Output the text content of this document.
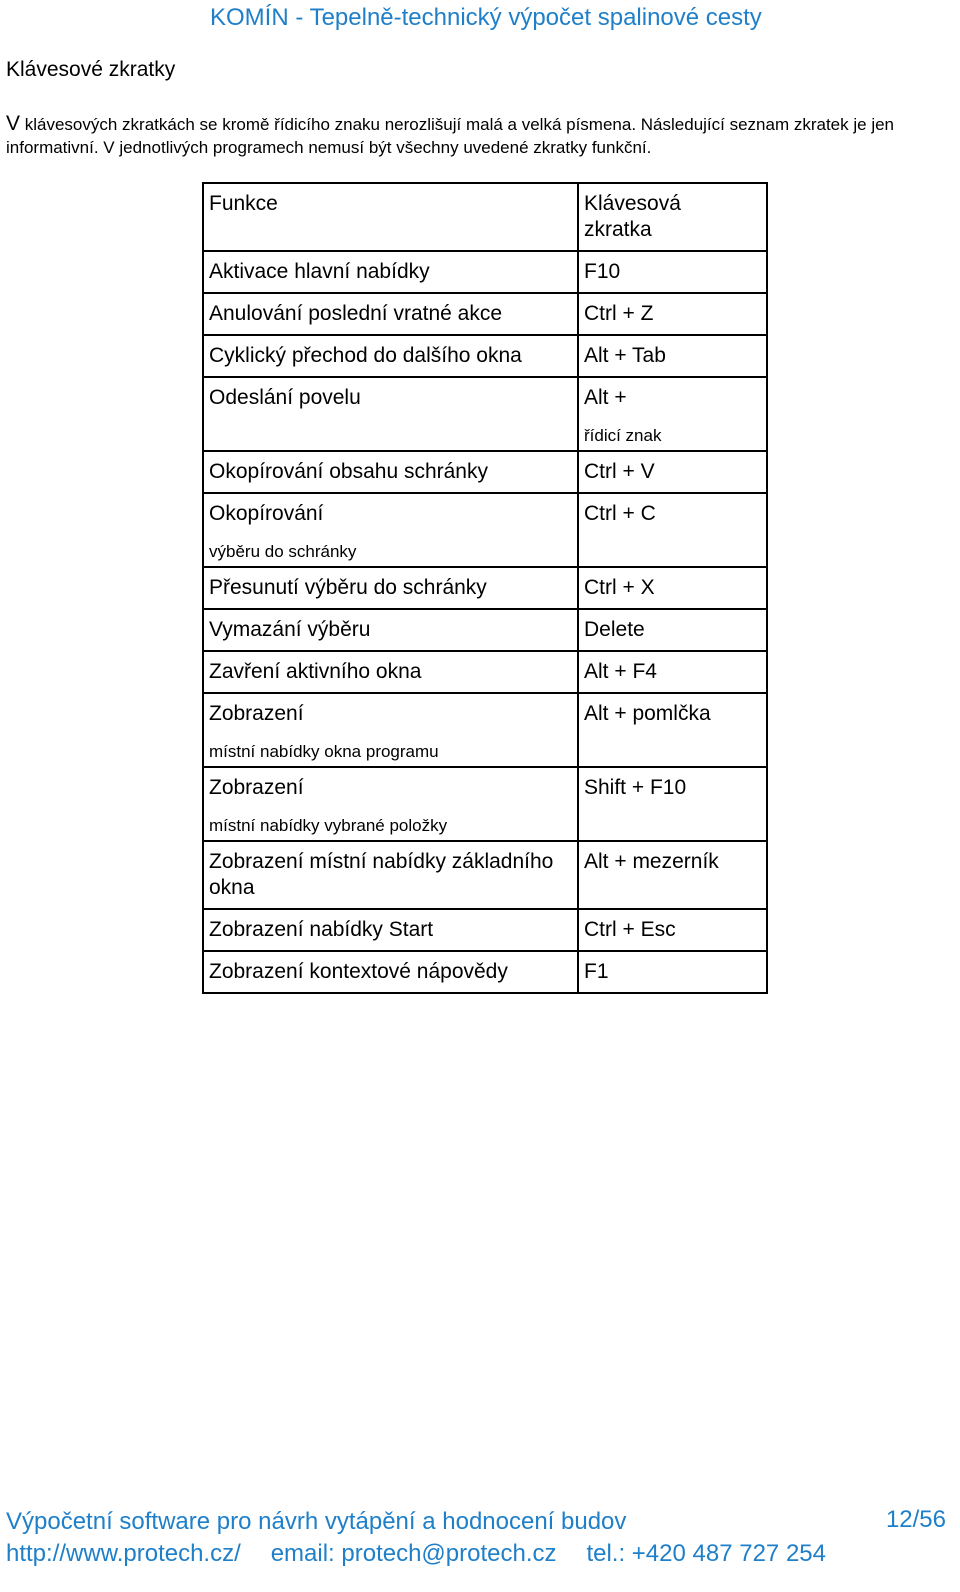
KOMÍN - Tepelně-technický výpočet spalinové cesty
Klávesové zkratky
V klávesových zkratkách se kromě řídicího znaku nerozlišují malá a velká písmena. Následující seznam zkratek je jen
informativní. V jednotlivých programech nemusí být všechny uvedené zkratky funkční.
Funkce	Klávesová
zkratka
Aktivace hlavní nabídky	F10
Anulování poslední vratné akce	Ctrl + Z
Cyklický přechod do dalšího okna	Alt + Tab
Odeslání povelu	Alt +
	řídicí znak
Okopírování obsahu schránky	Ctrl + V
Okopírování	Ctrl + C
výběru do schránky	
Přesunutí výběru do schránky	Ctrl + X
Vymazání výběru	Delete
Zavření aktivního okna	Alt + F4
Zobrazení	Alt + pomlčka
místní nabídky okna programu	
Zobrazení	Shift + F10
místní nabídky vybrané položky	
Zobrazení místní nabídky základního okna	Alt + mezerník
Zobrazení nabídky Start	Ctrl + Esc
Zobrazení kontextové nápovědy	F1
Výpočetní software pro návrh vytápění a hodnocení budov	12/56
http://www.protech.cz/ email: protech@protech.cz tel.: +420 487 727 254
